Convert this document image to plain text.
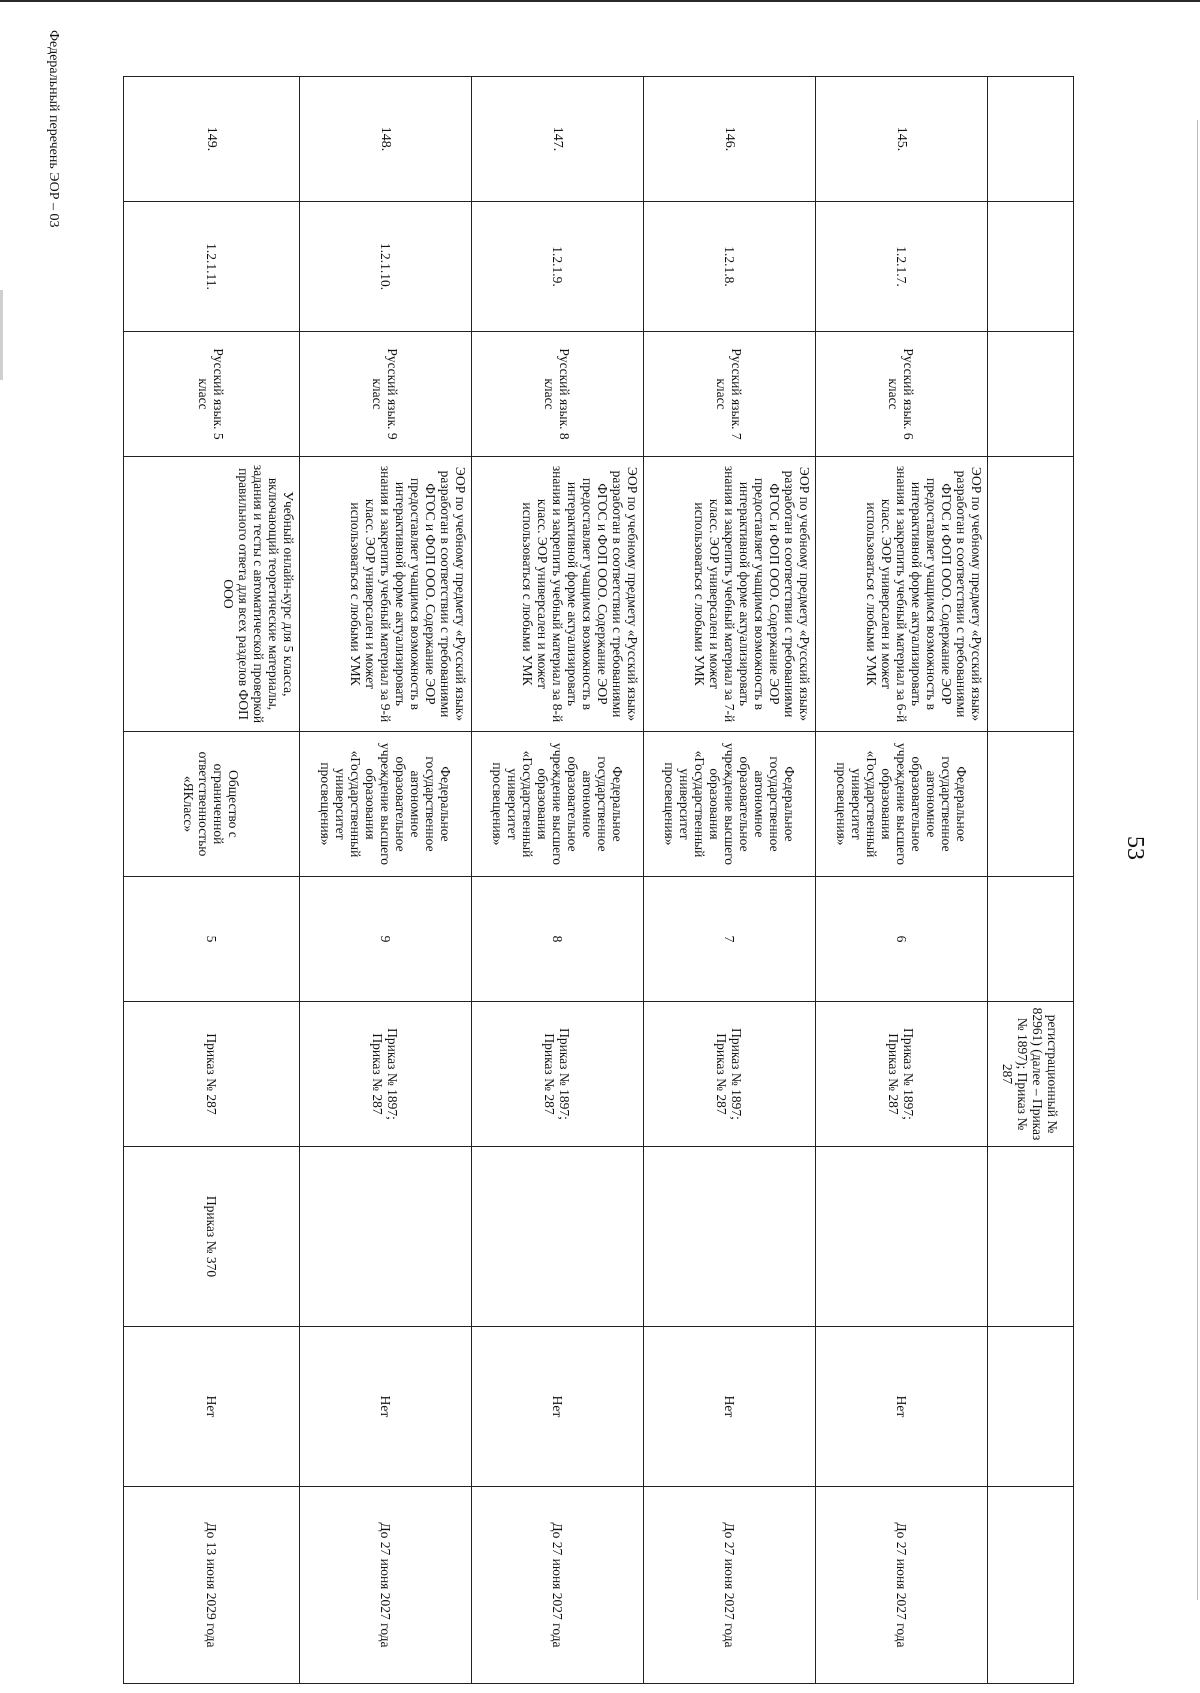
53
Федеральный перечень ЭОР – 03
						регистрационный № 82961) (далее – Приказ № 1897); Приказ № 287			
145.	1.2.1.7.	Русский язык. 6 класс	ЭОР по учебному предмету «Русский язык» разработан в соответствии с требованиями ФГОС и ФОП ООО. Содержание ЭОР предоставляет учащимся возможность в интерактивной форме актуализировать знания и закрепить учебный материал за 6-й класс. ЭОР универсален и может использоваться с любыми УМК	Федеральное государственное автономное образовательное учреждение высшего образования «Государственный университет просвещения»	6	Приказ № 1897; Приказ № 287		Нет	До 27 июня 2027 года
146.	1.2.1.8.	Русский язык. 7 класс	ЭОР по учебному предмету «Русский язык» разработан в соответствии с требованиями ФГОС и ФОП ООО. Содержание ЭОР предоставляет учащимся возможность в интерактивной форме актуализировать знания и закрепить учебный материал за 7-й класс. ЭОР универсален и может использоваться с любыми УМК	Федеральное государственное автономное образовательное учреждение высшего образования «Государственный университет просвещения»	7	Приказ № 1897; Приказ № 287		Нет	До 27 июня 2027 года
147.	1.2.1.9.	Русский язык. 8 класс	ЭОР по учебному предмету «Русский язык» разработан в соответствии с требованиями ФГОС и ФОП ООО. Содержание ЭОР предоставляет учащимся возможность в интерактивной форме актуализировать знания и закрепить учебный материал за 8-й класс. ЭОР универсален и может использоваться с любыми УМК	Федеральное государственное автономное образовательное учреждение высшего образования «Государственный университет просвещения»	8	Приказ № 1897; Приказ № 287		Нет	До 27 июня 2027 года
148.	1.2.1.10.	Русский язык. 9 класс	ЭОР по учебному предмету «Русский язык» разработан в соответствии с требованиями ФГОС и ФОП ООО. Содержание ЭОР предоставляет учащимся возможность в интерактивной форме актуализировать знания и закрепить учебный материал за 9-й класс. ЭОР универсален и может использоваться с любыми УМК	Федеральное государственное автономное образовательное учреждение высшего образования «Государственный университет просвещения»	9	Приказ № 1897; Приказ № 287		Нет	До 27 июня 2027 года
149.	1.2.1.11.	Русский язык. 5 класс	Учебный онлайн-курс для 5 класса, включающий теоретические материалы, задания и тесты с автоматической проверкой правильного ответа для всех разделов ФОП ООО	Общество с ограниченной ответственностью «ЯКласс»	5	Приказ № 287	Приказ № 370	Нет	До 13 июня 2029 года
